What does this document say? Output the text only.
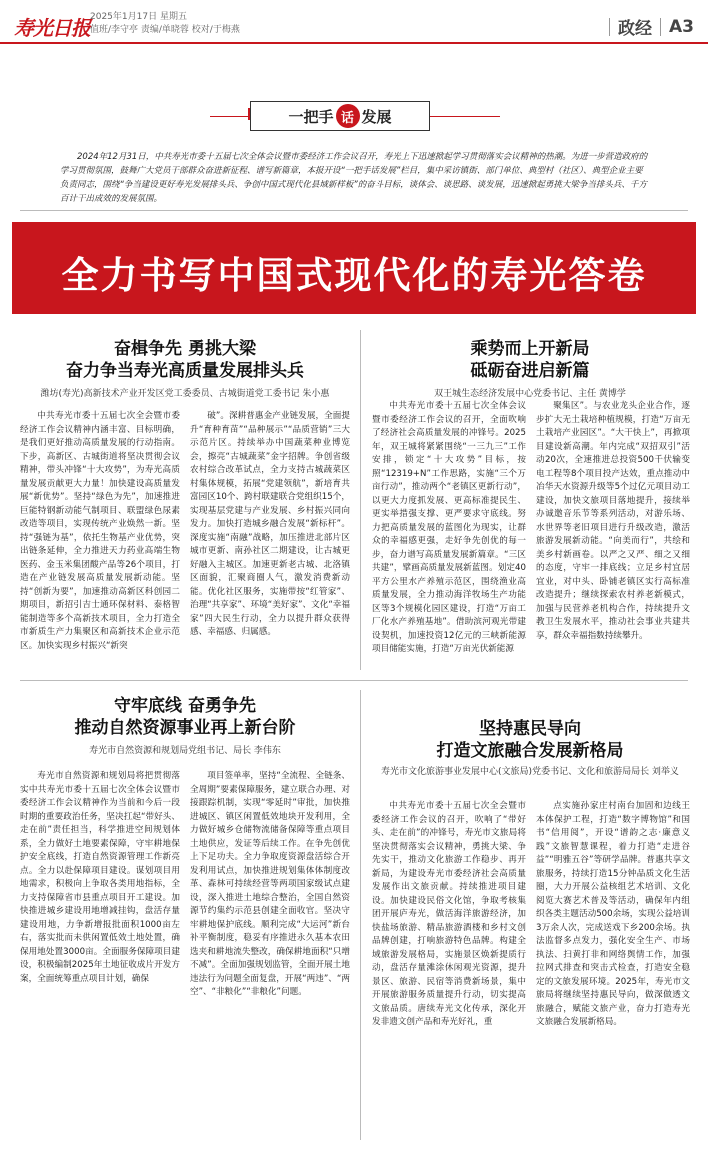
寿光日报 2025年1月17日 星期五
值班/李守亭 责编/单晓蓉 校对/于梅燕	政经 A3
一把手 话 发展
2024年12月31日，中共寿光市委十五届七次全体会议暨市委经济工作会议召开，寿光上下迅速掀起学习贯彻落实会议精神的热潮。为进一步营造政府的学习贯彻氛围，鼓舞广大党员干部群众奋进新征程、谱写新篇章，本报开设“一把手话发展”栏目，集中采访镇街、部门单位、典型村（社区）、典型企业主要负责同志，围绕“争当建设更好寿光发展排头兵、争创中国式现代化县域新样板”的奋斗目标，谈体会、谈思路、谈发展，迅速掀起勇挑大梁争当排头兵、千方百计干出成效的发展氛围。
全力书写中国式现代化的寿光答卷
奋楫争先 勇挑大梁
奋力争当寿光高质量发展排头兵
潍坊(寿光)高新技术产业开发区党工委委员、古城街道党工委书记 朱小惠

中共寿光市委十五届七次全会暨市委经济工作会议精神内涵丰富、目标明确，是我们更好推动高质量发展的行动指南。下步，高新区、古城街道将坚决贯彻会议精神，带头冲锋“十大攻势”，为寿光高质量发展贡献更大力量！加快建设高质量发展“新优势”。坚持“绿色为先”，加速推进巨能特钢新动能气制项目、联盟绿色尿素改造等项目，实现传统产业焕然一新。坚持“强链为基”，依托生物基产业优势，突出链条延伸，全力推进天力药业高端生物医药、金玉米集团酸产品等26个项目，打造在产业链发展高质量发展新动能。坚持“创新为要”，加速推动高新区科创园二期项目，新招引吉士通环保材料、泰格智能制造等多个高新技术项目，全力打造全市新质生产力集聚区和高新技术企业示范区。加快实现乡村振兴“新突

破”。深耕普惠金产业链发展，全面提升“育种育苗”“品种展示”“品质营销”三大示范片区。持续举办中国蔬菜种业博览会，擦亮“古城蔬菜”金字招牌。争创省级农村综合改革试点，全力支持古城蔬菜区村集体规模，拓展“党建领航”，新培育共富园区10个、跨村联建联合党组织15个，实现基层党建与产业发展、乡村振兴同向发力。加快打造城乡融合发展“新标杆”。深度实施“南融”战略，加压推进北部片区城市更新、南孙社区二期建设，让古城更好融入主城区。加速更新老古城、北洛镇区面貌，汇聚商圈人气，激发消费新动能。优化社区服务，实施带按“红管家”、治理“共享家”、环境“美好家”、文化“幸福家”四大民生行动，全力以提升群众获得感、幸福感、归属感。

乘势而上开新局
砥砺奋进启新篇
双王城生态经济发展中心党委书记、主任 黄博学

中共寿光市委十五届七次全体会议暨市委经济工作会议的召开，全面吹响了经济社会高质量发展的冲锋号。2025年，双王城将紧紧围绕“一三九三”工作安排，锁定“十大攻势”目标，按照“12319+N”工作思路，实施“三个万亩行动”，推动两个“老镇区更新行动”，以更大力度抓发展、更高标准提民生、更实举措强支撑、更严要求守底线。努力把高质量发展的蓝图化为现实，让群众的幸福感更强，走好争先创优的每一步，奋力谱写高质量发展新篇章。“三区共建”，擘画高质量发展新蓝图。划定40平方公里水产养殖示范区，围绕渔业高质量发展，全力推动海洋牧场生产功能区等3个规模化园区建设，打造“万亩工厂化水产养殖基地”。借助滨河观光带建设契机，加速投资12亿元的三峡新能源项目储能实施，打造“万亩光伏新能源

聚集区”。与农业龙头企业合作，逐步扩大无土栽培种植规模，打造“万亩无土栽培产业园区”。“大干快上”，再掀项目建设新高潮。年内完成“双招双引”活动20次，全速推进总投资500千伏输变电工程等8个项目投产达效，重点推动中冶华天水资源升级等5个过亿元项目动工建设，加快文旅项目落地提升，接续举办诚邀音乐节等系列活动，对游乐场、水世界等老旧项目进行升级改造，激活旅游发展新动能。“向美而行”，共绘和美乡村新画卷。以严之又严、细之又细的态度，守牢一排底线；立足乡村宜居宜业，对中头、卧铺老镇区实行高标准改造提升；继续探索农村养老新模式，加强与民营养老机构合作，持续提升文教卫生发展水平，推动社会事业共建共享，群众幸福指数持续攀升。

守牢底线 奋勇争先
推动自然资源事业再上新台阶
寿光市自然资源和规划局党组书记、局长 李伟东

寿光市自然资源和规划局将把贯彻落实中共寿光市委十五届七次全体会议暨市委经济工作会议精神作为当前和今后一段时期的重要政治任务，坚决扛起“带好头、走在前”责任担当，科学推进空间规划体系，全力做好土地要素保障，守牢耕地保护安全底线，打造自然资源管理工作新亮点。全力以赴保障项目建设。谋划项目用地需求，积极向上争取各类用地指标，全力支持保障省市县重点项目开工建设。加快推进城乡建设用地增减挂钩，盘活存量建设用地，力争新增报批面积1000亩左右，落实批而未供闲置低效土地处置，确保用地处置3000亩。全面服务保障项目建设，积极编制2025年土地征收成片开发方案，全面统筹重点项目计划，确保

项目签单率，坚持“全流程、全链条、全周期”要素保障服务，建立联合办理、对接跟踪机制，实现“零延时”审批，加快推进城区、镇区闲置低效地块开发利用，全力做好城乡仓储物流储备保障等重点项目土地供应，发证等后续工作。在争先创优上下足功夫。全力争取度资源盘活综合开发利用试点，加快推进规划集体体制度改革、森林可持续经营等两项国家级试点建设，深入推进土地综合整治，全国自然资源节约集约示范县创建全面收官。坚决守牢耕地保护底线。顺利完成“大运河”新台补平衡制度，稳妥有序推进永久基本农田选夹和耕地流失整改，确保耕地面积“只增不减”。全面加强规划监管，全面开展土地违法行为问题全面复盘，开展“两违”、“两空”、“非粮化”“非粮化”问题。

坚持惠民导向
打造文旅融合发展新格局
寿光市文化旅游事业发展中心(文旅局)党委书记、文化和旅游局局长 刘举义

中共寿光市委十五届七次全会暨市委经济工作会议的召开，吹响了“带好头、走在前”的冲锋号，寿光市文旅局将坚决贯彻落实会议精神，勇挑大梁、争先实干，推动文化旅游工作稳步、再开新局，为建设寿光市委经济社会高质量发展作出文旅贡献。持续推进项目建设。加快建设民俗文化馆，争取考核集团开展庐寿光，做活海洋旅游经济，加快盐场旅游、精品旅游酒楼和乡村文创品牌创建，打响旅游特色品牌。构建全域旅游发展格局，实施景区焕新提质行动，盘活存量滩涂休闲观光资源，提升景区、旅游、民宿等消费新场景，集中开展旅游服务质量提升行动，切实提高文旅品质。唐续寿光文化传承，深化开发非遗文创产品和寿光好礼，重

点实施孙家庄村南台加固和边线王本体保护工程，打造“数字博物馆”和国书“信用阅”，开设“谱韵之志·廉意义践”文旅智慧课程，着力打造“走进谷益”“明雅五谷”等研学品牌。普惠共享文旅服务，持续打造15分钟品质文化生活圈，大力开展公益核组艺术培训、文化阅览大赛艺术普及等活动，确保年内组织各类主题活动500余场，实现公益培训3万余人次，完成送戏下乡200余场。执法监督多点发力，强化安全生产、市场执法、扫黄打非和网络舆情工作，加强拉网式排查和突击式检查，打造安全稳定的文旅发展环境。2025年，寿光市文旅局将继续坚持惠民导向，做深做透文旅融合，赋能文旅产业，奋力打造寿光文旅融合发展新格局。
